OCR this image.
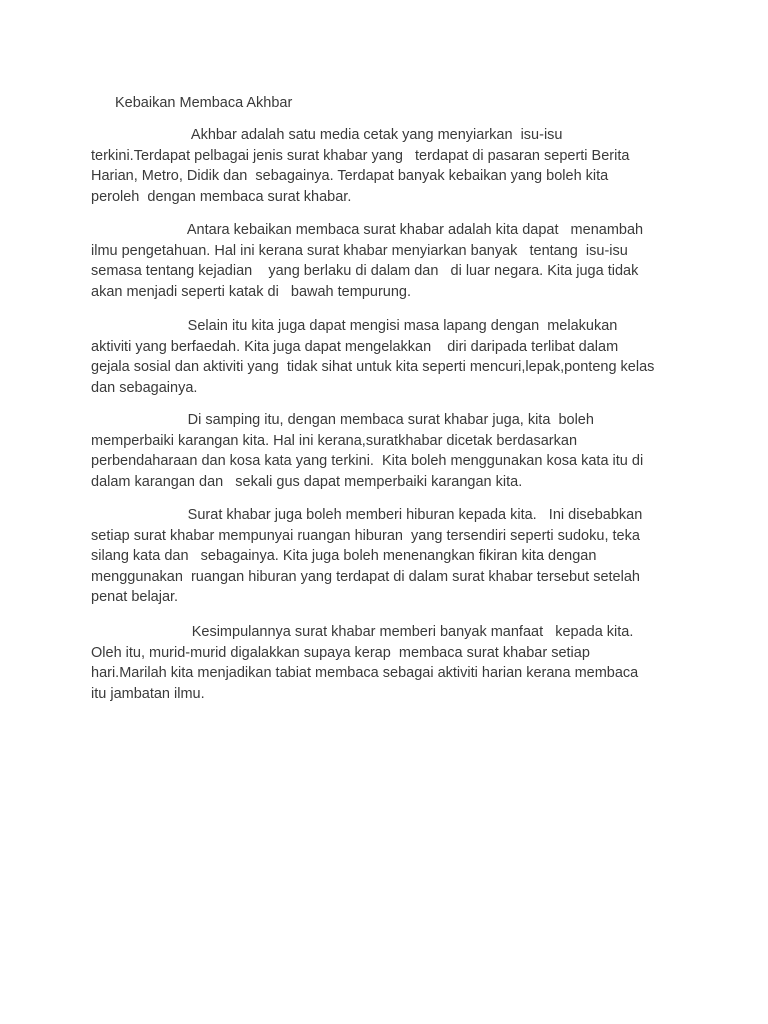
Kebaikan Membaca Akhbar
Akhbar adalah satu media cetak yang menyiarkan  isu-isu
terkini.Terdapat pelbagai jenis surat khabar yang   terdapat di pasaran seperti Berita
Harian, Metro, Didik dan  sebagainya. Terdapat banyak kebaikan yang boleh kita
peroleh  dengan membaca surat khabar.
Antara kebaikan membaca surat khabar adalah kita dapat   menambah
ilmu pengetahuan. Hal ini kerana surat khabar menyiarkan banyak   tentang  isu-isu
semasa tentang kejadian    yang berlaku di dalam dan   di luar negara. Kita juga tidak
akan menjadi seperti katak di   bawah tempurung.
Selain itu kita juga dapat mengisi masa lapang dengan  melakukan
aktiviti yang berfaedah. Kita juga dapat mengelakkan    diri daripada terlibat dalam
gejala sosial dan aktiviti yang  tidak sihat untuk kita seperti mencuri,lepak,ponteng kelas
dan sebagainya.
Di samping itu, dengan membaca surat khabar juga, kita  boleh
memperbaiki karangan kita. Hal ini kerana,suratkhabar dicetak berdasarkan
perbendaharaan dan kosa kata yang terkini.  Kita boleh menggunakan kosa kata itu di
dalam karangan dan   sekali gus dapat memperbaiki karangan kita.
Surat khabar juga boleh memberi hiburan kepada kita.   Ini disebabkan
setiap surat khabar mempunyai ruangan hiburan  yang tersendiri seperti sudoku, teka
silang kata dan   sebagainya. Kita juga boleh menenangkan fikiran kita dengan
menggunakan  ruangan hiburan yang terdapat di dalam surat khabar tersebut setelah
penat belajar.
Kesimpulannya surat khabar memberi banyak manfaat   kepada kita.
Oleh itu, murid-murid digalakkan supaya kerap  membaca surat khabar setiap
hari.Marilah kita menjadikan tabiat membaca sebagai aktiviti harian kerana membaca
itu jambatan ilmu.
